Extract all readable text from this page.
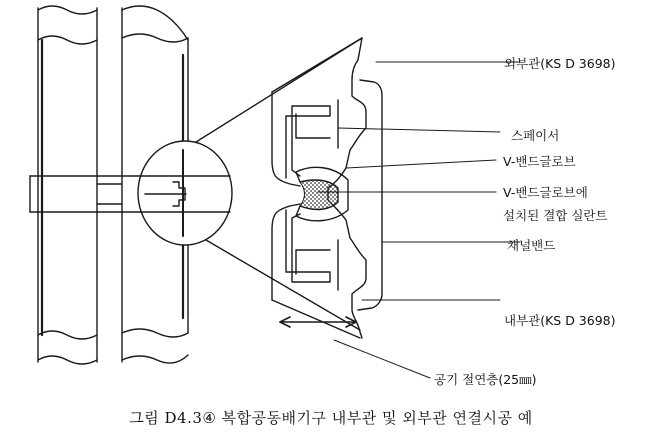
외부관(KS D 3698)
스페이서
V-밴드글로브
V-밴드글로브에
설치된 결합 실란트
채널밴드
내부관(KS D 3698)
공기 절연층(25㎜)
그림 D4.3④ 복합공동배기구 내부관 및 외부관 연결시공 예
